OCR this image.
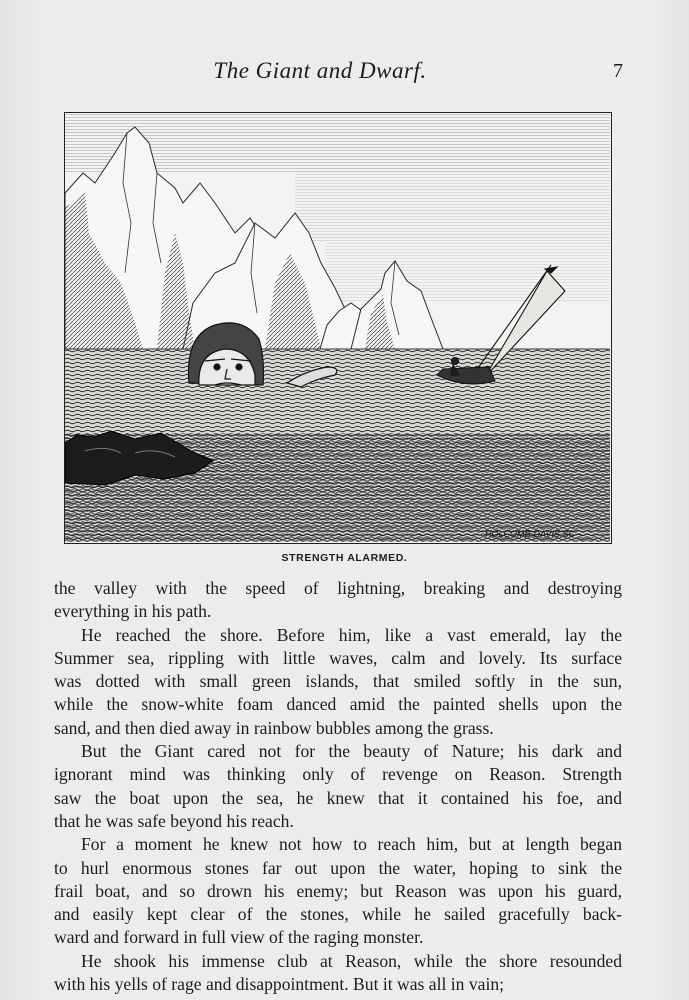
The Giant and Dwarf.	7
HOLCOMB-DAVIS.SC
STRENGTH ALARMED.
the valley with the speed of lightning, breaking and destroying
everything in his path.
He reached the shore. Before him, like a vast emerald, lay the
Summer sea, rippling with little waves, calm and lovely. Its surface
was dotted with small green islands, that smiled softly in the sun,
while the snow-white foam danced amid the painted shells upon the
sand, and then died away in rainbow bubbles among the grass.
But the Giant cared not for the beauty of Nature; his dark and
ignorant mind was thinking only of revenge on Reason. Strength
saw the boat upon the sea, he knew that it contained his foe, and
that he was safe beyond his reach.
For a moment he knew not how to reach him, but at length began
to hurl enormous stones far out upon the water, hoping to sink the
frail boat, and so drown his enemy; but Reason was upon his guard,
and easily kept clear of the stones, while he sailed gracefully back-
ward and forward in full view of the raging monster.
He shook his immense club at Reason, while the shore resounded
with his yells of rage and disappointment. But it was all in vain;
